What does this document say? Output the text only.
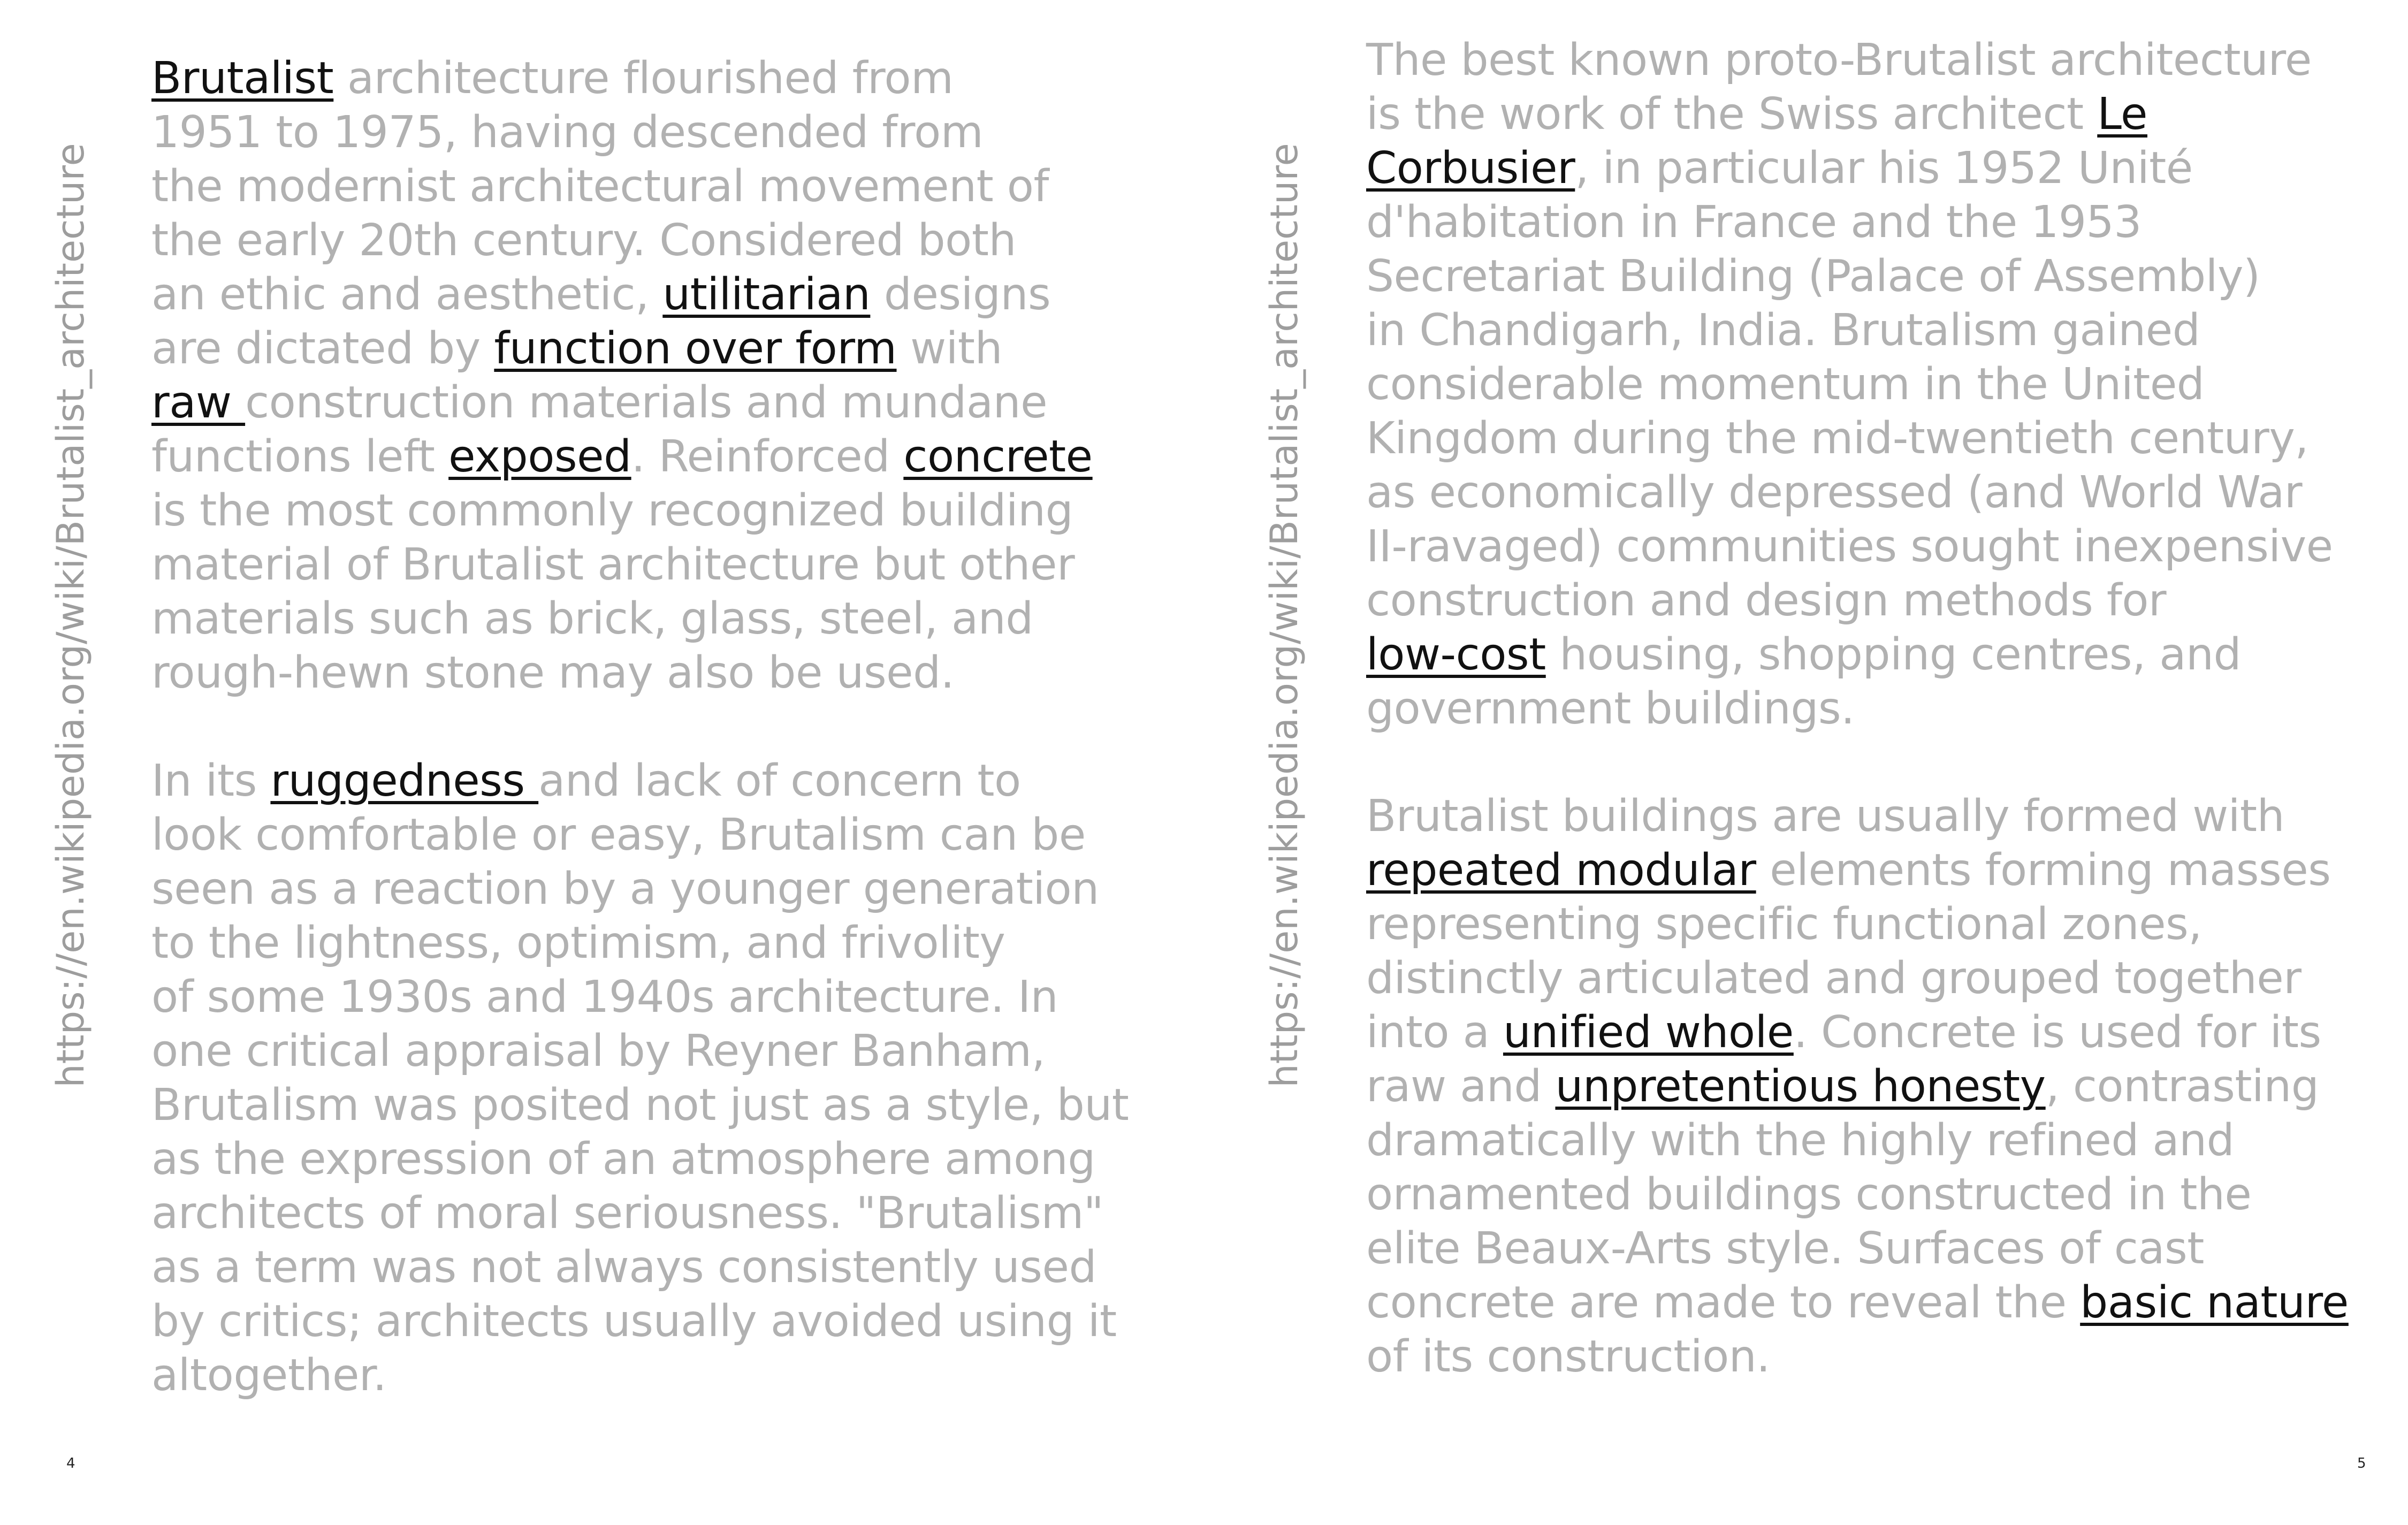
https://en.wikipedia.org/wiki/Brutalist_architecture

Brutalist architecture flourished from
1951 to 1975, having descended from
the modernist architectural movement of
the early 20th century. Considered both
an ethic and aesthetic, utilitarian designs
are dictated by function over form with
raw construction materials and mundane
functions left exposed. Reinforced concrete
is the most commonly recognized building
material of Brutalist architecture but other
materials such as brick, glass, steel, and
rough-hewn stone may also be used.

In its ruggedness and lack of concern to
look comfortable or easy, Brutalism can be
seen as a reaction by a younger generation
to the lightness, optimism, and frivolity
of some 1930s and 1940s architecture. In
one critical appraisal by Reyner Banham,
Brutalism was posited not just as a style, but
as the expression of an atmosphere among
architects of moral seriousness. "Brutalism"
as a term was not always consistently used
by critics; architects usually avoided using it
altogether.

4
https://en.wikipedia.org/wiki/Brutalist_architecture

The best known proto-Brutalist architecture
is the work of the Swiss architect Le
Corbusier, in particular his 1952 Unité
d'habitation in France and the 1953
Secretariat Building (Palace of Assembly)
in Chandigarh, India. Brutalism gained
considerable momentum in the United
Kingdom during the mid-twentieth century,
as economically depressed (and World War
II-ravaged) communities sought inexpensive
construction and design methods for
low-cost housing, shopping centres, and
government buildings.

Brutalist buildings are usually formed with
repeated modular elements forming masses
representing specific functional zones,
distinctly articulated and grouped together
into a unified whole. Concrete is used for its
raw and unpretentious honesty, contrasting
dramatically with the highly refined and
ornamented buildings constructed in the
elite Beaux-Arts style. Surfaces of cast
concrete are made to reveal the basic nature
of its construction.

5
